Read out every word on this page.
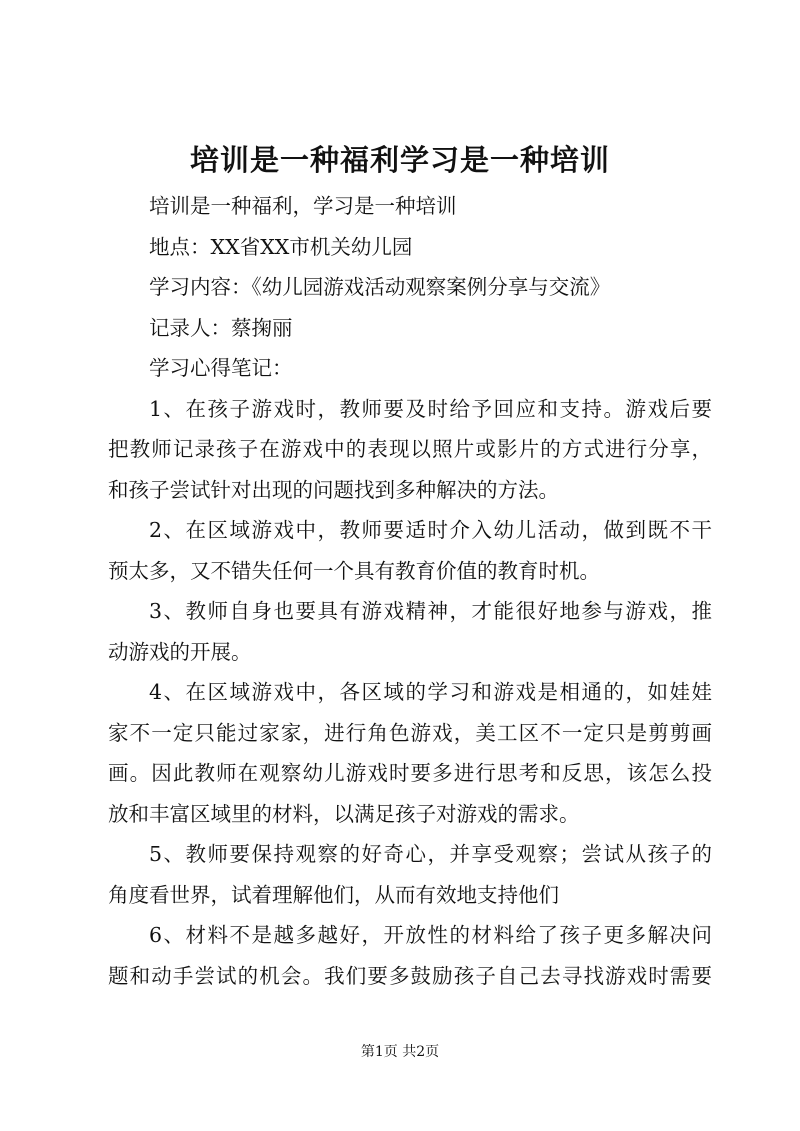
培训是一种福利学习是一种培训
培训是一种福利，学习是一种培训
地点：XX省XX市机关幼儿园
学习内容：《幼儿园游戏活动观察案例分享与交流》
记录人：蔡掬丽
学习心得笔记：
1、在孩子游戏时，教师要及时给予回应和支持。游戏后要
把教师记录孩子在游戏中的表现以照片或影片的方式进行分享，
和孩子尝试针对出现的问题找到多种解决的方法。
2、在区域游戏中，教师要适时介入幼儿活动，做到既不干
预太多，又不错失任何一个具有教育价值的教育时机。
3、教师自身也要具有游戏精神，才能很好地参与游戏，推
动游戏的开展。
4、在区域游戏中，各区域的学习和游戏是相通的，如娃娃
家不一定只能过家家，进行角色游戏，美工区不一定只是剪剪画
画。因此教师在观察幼儿游戏时要多进行思考和反思，该怎么投
放和丰富区域里的材料，以满足孩子对游戏的需求。
5、教师要保持观察的好奇心，并享受观察；尝试从孩子的
角度看世界，试着理解他们，从而有效地支持他们
6、材料不是越多越好，开放性的材料给了孩子更多解决问
题和动手尝试的机会。我们要多鼓励孩子自己去寻找游戏时需要
第1页 共2页
